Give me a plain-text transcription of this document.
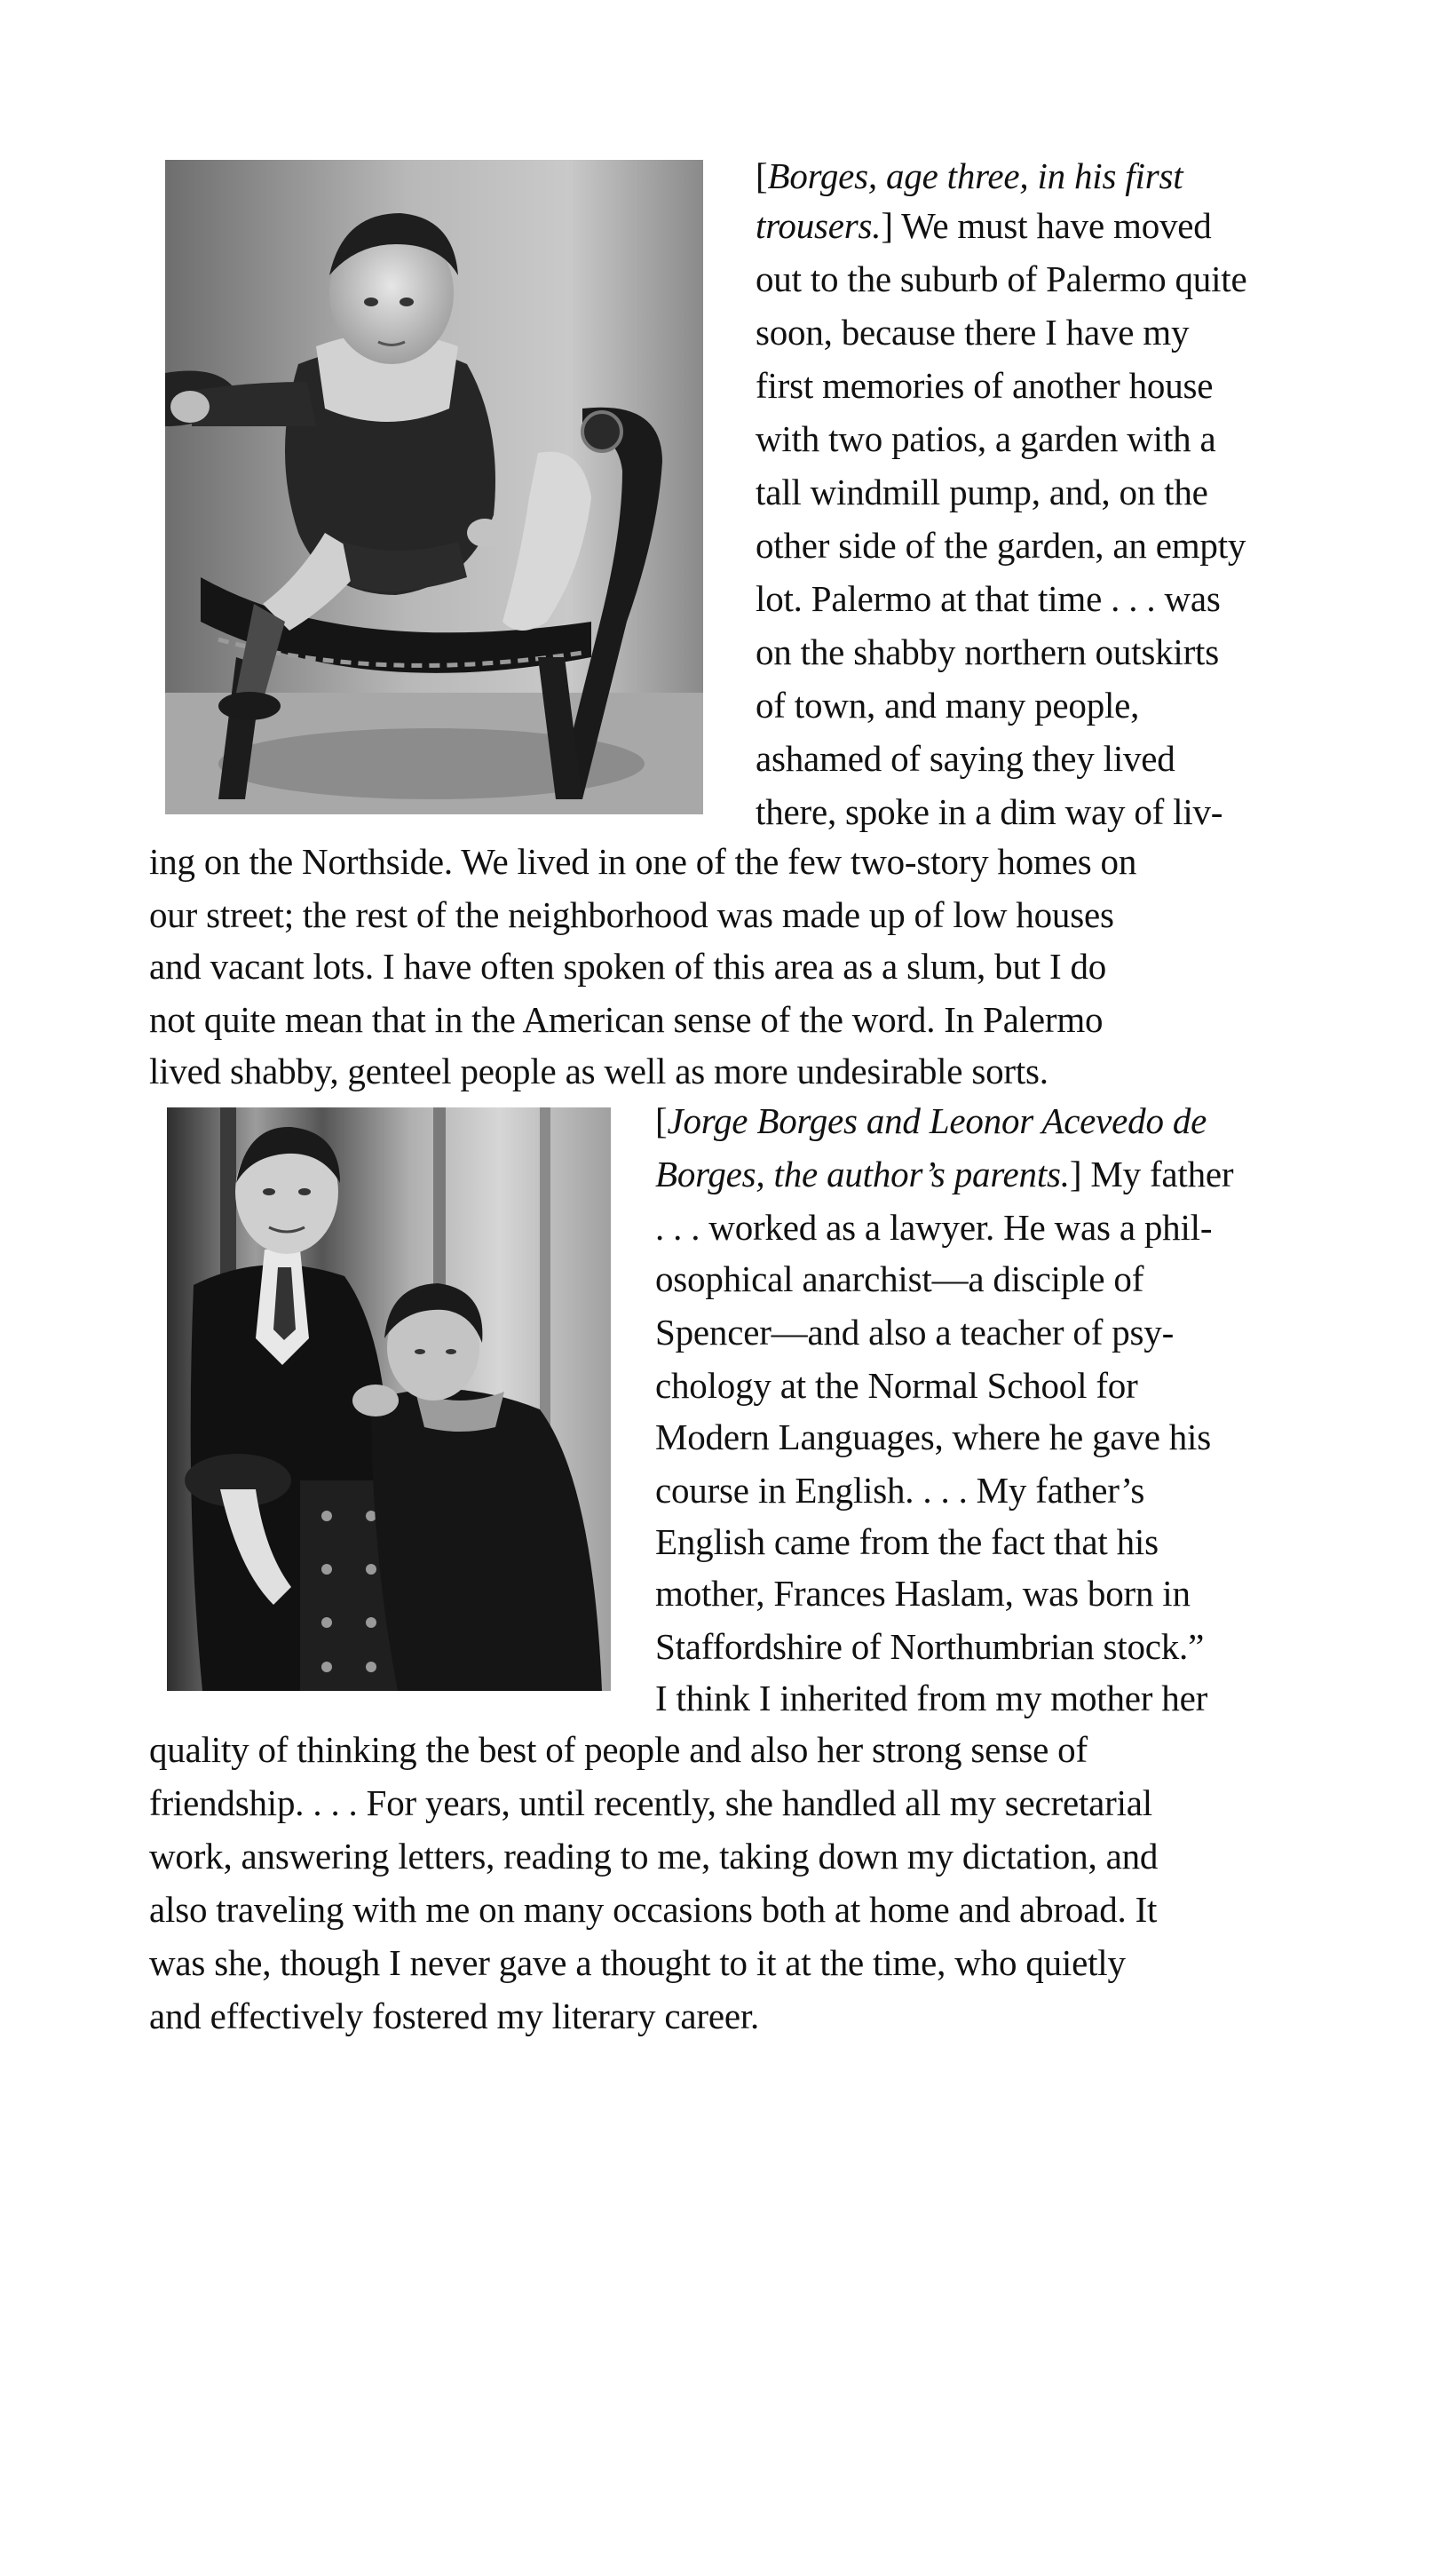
[Borges, age three, in his first
trousers.] We must have moved
out to the suburb of Palermo quite
soon, because there I have my
first memories of another house
with two patios, a garden with a
tall windmill pump, and, on the
other side of the garden, an empty
lot. Palermo at that time . . . was
on the shabby northern outskirts
of town, and many people,
ashamed of saying they lived
there, spoke in a dim way of liv-
ing on the Northside. We lived in one of the few two-story homes on
our street; the rest of the neighborhood was made up of low houses
and vacant lots. I have often spoken of this area as a slum, but I do
not quite mean that in the American sense of the word. In Palermo
lived shabby, genteel people as well as more undesirable sorts.
[Jorge Borges and Leonor Acevedo de
Borges, the author’s parents.] My father
. . . worked as a lawyer. He was a phil-
osophical anarchist—a disciple of
Spencer—and also a teacher of psy-
chology at the Normal School for
Modern Languages, where he gave his
course in English. . . . My father’s
English came from the fact that his
mother, Frances Haslam, was born in
Staffordshire of Northumbrian stock.”
I think I inherited from my mother her
quality of thinking the best of people and also her strong sense of
friendship. . . . For years, until recently, she handled all my secretarial
work, answering letters, reading to me, taking down my dictation, and
also traveling with me on many occasions both at home and abroad. It
was she, though I never gave a thought to it at the time, who quietly
and effectively fostered my literary career.
